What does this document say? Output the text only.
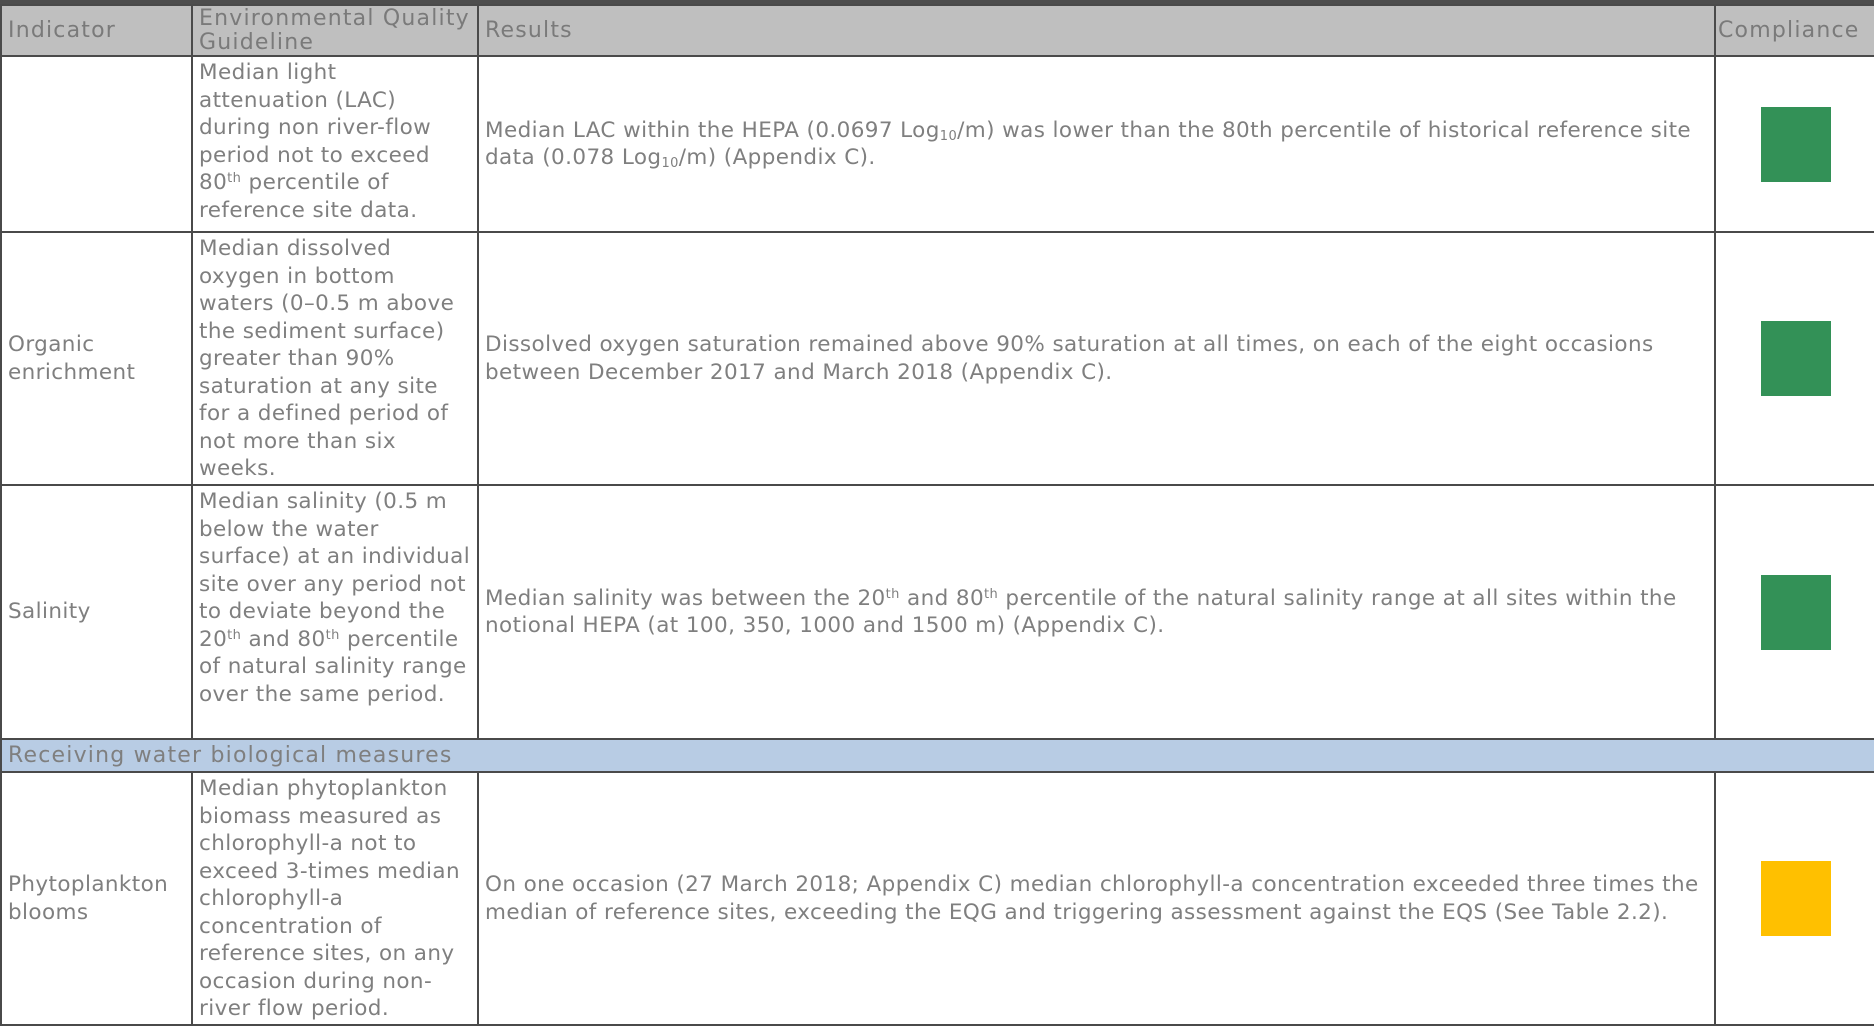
Indicator	Environmental Quality Guideline	Results	Compliance
	Median light attenuation (LAC) during non river-flow period not to exceed 80th percentile of reference site data.	Median LAC within the HEPA (0.0697 Log$_{10}$/m) was lower than the 80th percentile of historical reference site data (0.078 Log$_{10}$/m) (Appendix C).	

Organic enrichment	Median dissolved oxygen in bottom waters (0–0.5 m above the sediment surface) greater than 90% saturation at any site for a defined period of not more than six weeks.	Dissolved oxygen saturation remained above 90% saturation at all times, on each of the eight occasions between December 2017 and March 2018 (Appendix C).	

Salinity	Median salinity (0.5 m below the water surface) at an individual site over any period not to deviate beyond the 20th and 80th percentile of natural salinity range over the same period.	Median salinity was between the 20th and 80th percentile of the natural salinity range at all sites within the notional HEPA (at 100, 350, 1000 and 1500 m) (Appendix C).	

Receiving water biological measures			
Phytoplankton blooms	Median phytoplankton biomass measured as chlorophyll-a not to exceed 3-times median chlorophyll-a concentration of reference sites, on any occasion during non-river flow period.	On one occasion (27 March 2018; Appendix C) median chlorophyll-a concentration exceeded three times the median of reference sites, exceeding the EQG and triggering assessment against the EQS (See Table 2.2).	
